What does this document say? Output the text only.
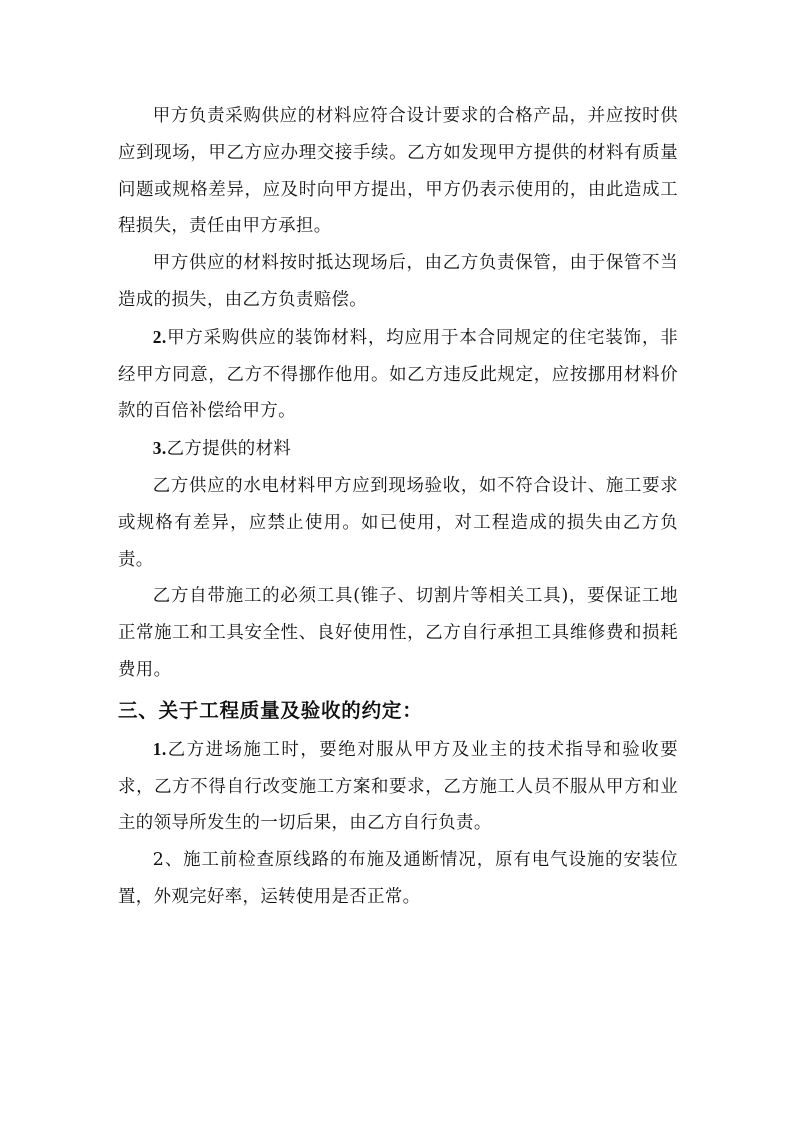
甲方负责采购供应的材料应符合设计要求的合格产品，并应按时供应到现场，甲乙方应办理交接手续。乙方如发现甲方提供的材料有质量问题或规格差异，应及时向甲方提出，甲方仍表示使用的，由此造成工程损失，责任由甲方承担。

甲方供应的材料按时抵达现场后，由乙方负责保管，由于保管不当造成的损失，由乙方负责赔偿。

2.甲方采购供应的装饰材料，均应用于本合同规定的住宅装饰，非经甲方同意，乙方不得挪作他用。如乙方违反此规定，应按挪用材料价款的百倍补偿给甲方。

3.乙方提供的材料

乙方供应的水电材料甲方应到现场验收，如不符合设计、施工要求或规格有差异，应禁止使用。如已使用，对工程造成的损失由乙方负责。

乙方自带施工的必须工具(锥子、切割片等相关工具)，要保证工地正常施工和工具安全性、良好使用性，乙方自行承担工具维修费和损耗费用。

三、关于工程质量及验收的约定：

1.乙方进场施工时，要绝对服从甲方及业主的技术指导和验收要求，乙方不得自行改变施工方案和要求，乙方施工人员不服从甲方和业主的领导所发生的一切后果，由乙方自行负责。

2、施工前检查原线路的布施及通断情况，原有电气设施的安装位置，外观完好率，运转使用是否正常。
